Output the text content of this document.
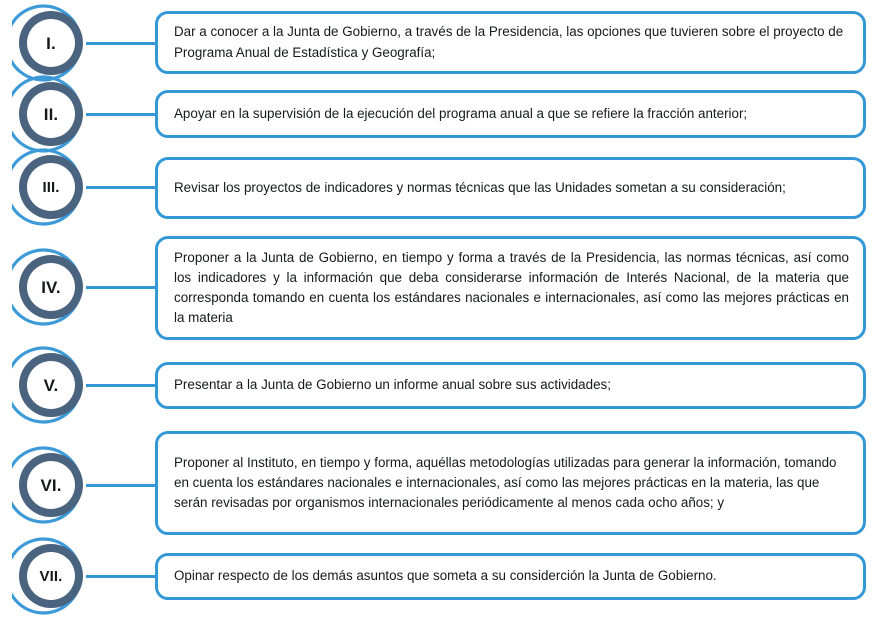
I.
Dar a conocer a la Junta de Gobierno, a través de la Presidencia, las opciones que tuvieren sobre el proyecto de Programa Anual de Estadística y Geografía;
II.	Apoyar en la supervisión de la ejecución del programa anual a que se refiere la fracción anterior;
III.	Revisar los proyectos de indicadores y normas técnicas que las Unidades sometan a su consideración;
IV.
Proponer a la Junta de Gobierno, en tiempo y forma a través de la Presidencia, las normas técnicas, así como los indicadores y la información que deba considerarse información de Interés Nacional, de la materia que corresponda tomando en cuenta los estándares nacionales e internacionales, así como las mejores prácticas en la materia
V.	Presentar a la Junta de Gobierno un informe anual sobre sus actividades;
VI.
Proponer al Instituto, en tiempo y forma, aquéllas metodologías utilizadas para generar la información, tomando en cuenta los estándares nacionales e internacionales, así como las mejores prácticas en la materia, las que serán revisadas por organismos internacionales periódicamente al menos cada ocho años; y
VII.	Opinar respecto de los demás asuntos que someta a su considerción la Junta de Gobierno.
